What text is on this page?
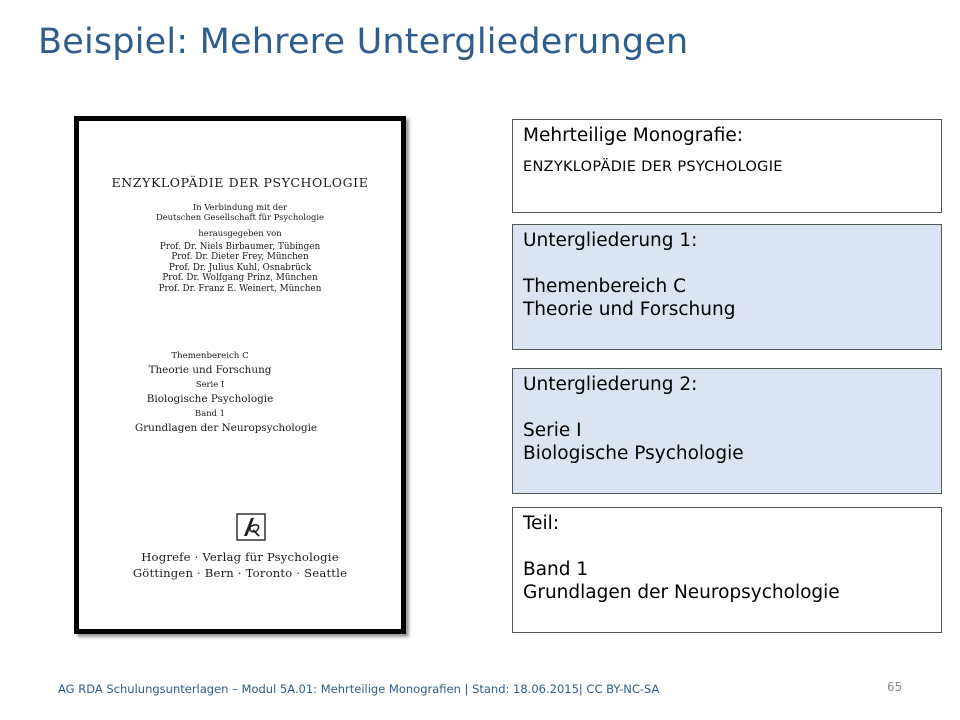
Beispiel: Mehrere Untergliederungen
ENZYKLOPÄDIE DER PSYCHOLOGIE
In Verbindung mit der
Deutschen Gesellschaft für Psychologie
herausgegeben von
Prof. Dr. Niels Birbaumer, Tübingen
Prof. Dr. Dieter Frey, München
Prof. Dr. Julius Kuhl, Osnabrück
Prof. Dr. Wolfgang Prinz, München
Prof. Dr. Franz E. Weinert, München
Themenbereich C
Theorie und Forschung
Serie I
Biologische Psychologie
Band 1
Grundlagen der Neuropsychologie
Hogrefe · Verlag für Psychologie
Göttingen · Bern · Toronto · Seattle
Mehrteilige Monografie:
ENZYKLOPÄDIE DER PSYCHOLOGIE
Untergliederung 1:
Themenbereich C
Theorie und Forschung
Untergliederung 2:
Serie I
Biologische Psychologie
Teil:
Band 1
Grundlagen der Neuropsychologie
AG RDA Schulungsunterlagen – Modul 5A.01: Mehrteilige Monografien | Stand: 18.06.2015| CC BY-NC-SA	65
